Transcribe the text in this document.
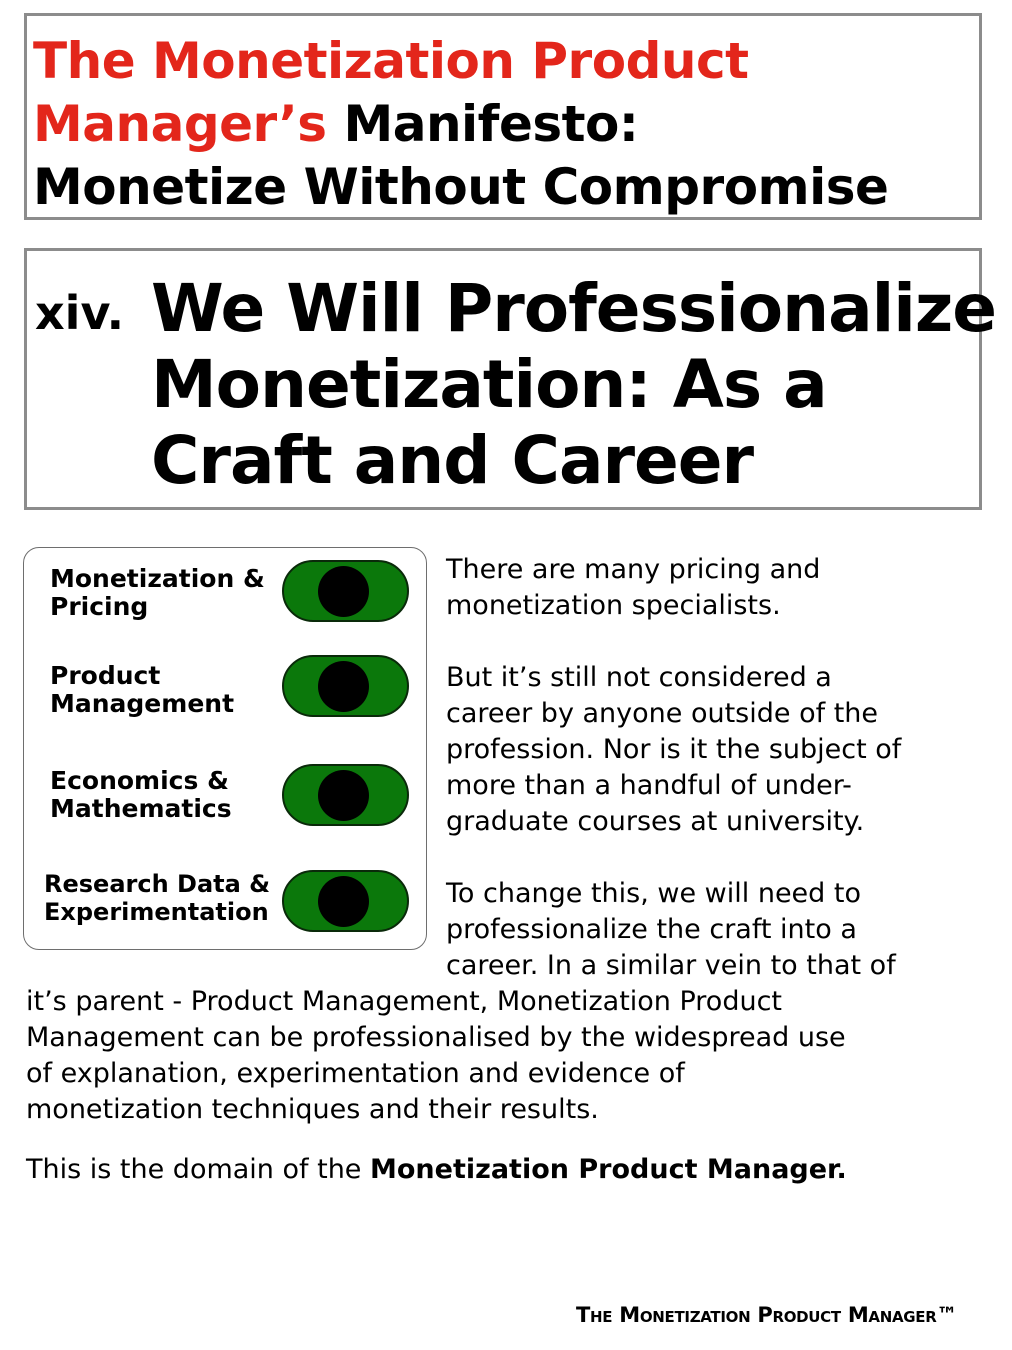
The Monetization Product
Manager’s Manifesto:
Monetize Without Compromise
xiv. We Will Professionalize
Monetization: As a
Craft and Career
Monetization &
Pricing
Product
Management
Economics &
Mathematics
Research Data &
Experimentation

There are many pricing and
monetization specialists.

But it’s still not considered a
career by anyone outside of the
profession. Nor is it the subject of
more than a handful of under-
graduate courses at university.

To change this, we will need to
professionalize the craft into a
career. In a similar vein to that of

it’s parent - Product Management, Monetization Product
Management can be professionalised by the widespread use
of explanation, experimentation and evidence of
monetization techniques and their results.

This is the domain of the Monetization Product Manager.

The Monetization Product Manager™
